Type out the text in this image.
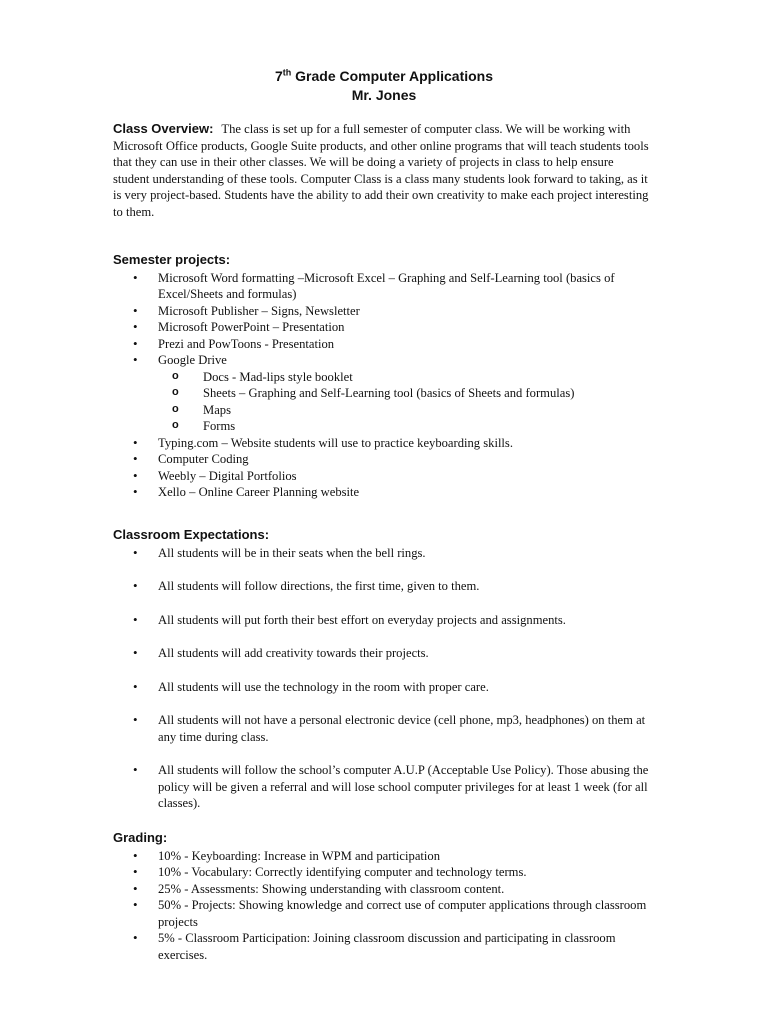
7th Grade Computer Applications
Mr. Jones
Class Overview: The class is set up for a full semester of computer class. We will be working with Microsoft Office products, Google Suite products, and other online programs that will teach students tools that they can use in their other classes. We will be doing a variety of projects in class to help ensure student understanding of these tools. Computer Class is a class many students look forward to taking, as it is very project-based. Students have the ability to add their own creativity to make each project interesting to them.
Semester projects:
• Microsoft Word formatting –Microsoft Excel – Graphing and Self-Learning tool (basics of Excel/Sheets and formulas)
• Microsoft Publisher – Signs, Newsletter
• Microsoft PowerPoint – Presentation
• Prezi and PowToons - Presentation
• Google Drive
o Docs - Mad-lips style booklet
o Sheets – Graphing and Self-Learning tool (basics of Sheets and formulas)
o Maps
o Forms
• Typing.com – Website students will use to practice keyboarding skills.
• Computer Coding
• Weebly – Digital Portfolios
• Xello – Online Career Planning website
Classroom Expectations:
• All students will be in their seats when the bell rings.
• All students will follow directions, the first time, given to them.
• All students will put forth their best effort on everyday projects and assignments.
• All students will add creativity towards their projects.
• All students will use the technology in the room with proper care.
• All students will not have a personal electronic device (cell phone, mp3, headphones) on them at any time during class.
• All students will follow the school’s computer A.U.P (Acceptable Use Policy). Those abusing the policy will be given a referral and will lose school computer privileges for at least 1 week (for all classes).
Grading:
• 10% - Keyboarding: Increase in WPM and participation
• 10% - Vocabulary: Correctly identifying computer and technology terms.
• 25% - Assessments: Showing understanding with classroom content.
• 50% - Projects: Showing knowledge and correct use of computer applications through classroom projects
• 5% - Classroom Participation: Joining classroom discussion and participating in classroom exercises.
